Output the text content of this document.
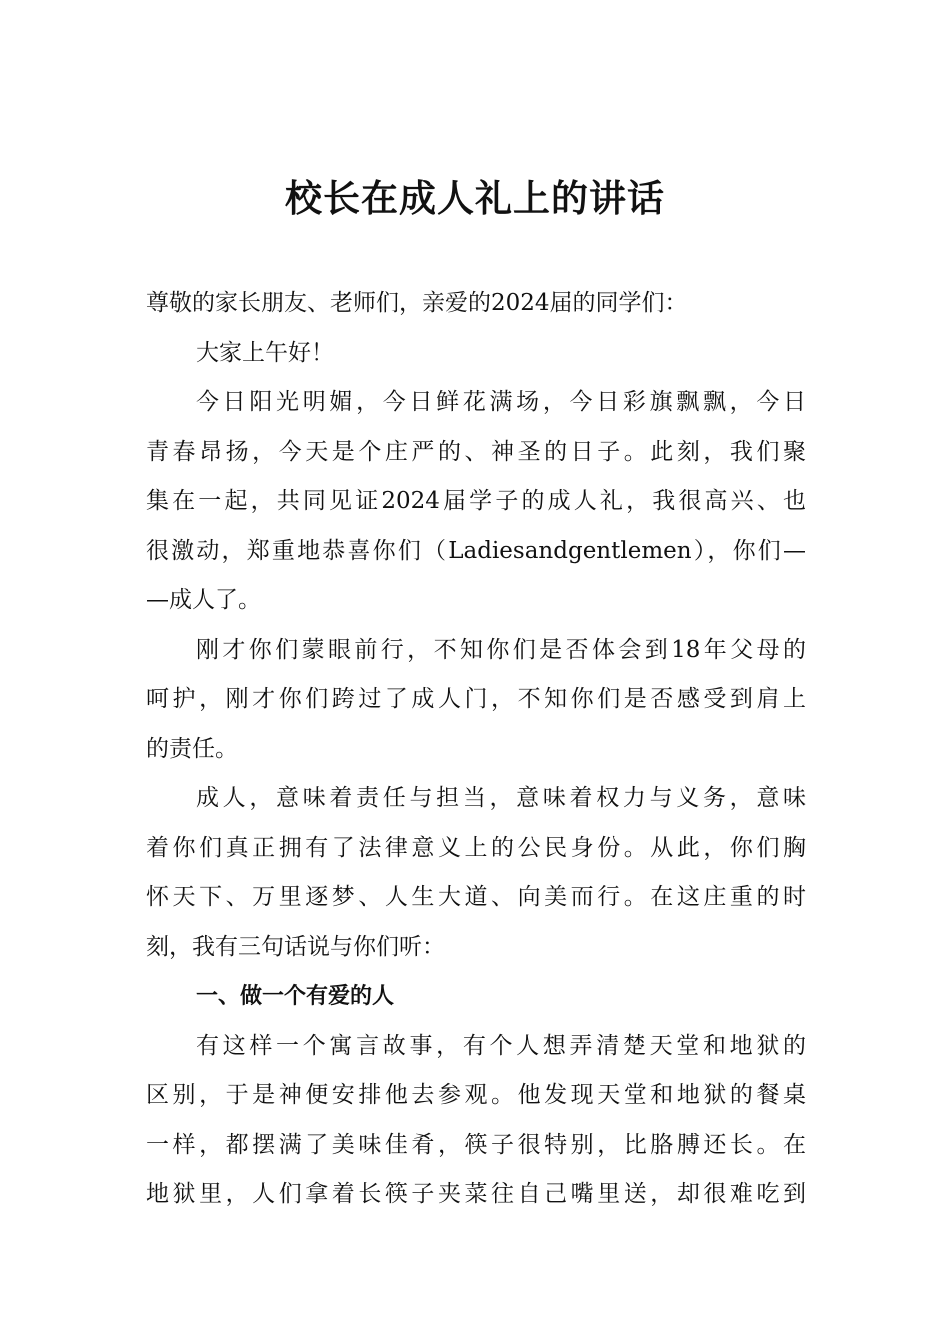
校长在成人礼上的讲话
尊敬的家长朋友、老师们，亲爱的2024届的同学们：
大家上午好！
今日阳光明媚，今日鲜花满场，今日彩旗飘飘，今日
青春昂扬，今天是个庄严的、神圣的日子。此刻，我们聚
集在一起，共同见证2024届学子的成人礼，我很高兴、也
很激动，郑重地恭喜你们（Ladiesandgentlemen），你们—
—成人了。
刚才你们蒙眼前行，不知你们是否体会到18年父母的
呵护，刚才你们跨过了成人门，不知你们是否感受到肩上
的责任。
成人，意味着责任与担当，意味着权力与义务，意味
着你们真正拥有了法律意义上的公民身份。从此，你们胸
怀天下、万里逐梦、人生大道、向美而行。在这庄重的时
刻，我有三句话说与你们听：
一、做一个有爱的人
有这样一个寓言故事，有个人想弄清楚天堂和地狱的
区别，于是神便安排他去参观。他发现天堂和地狱的餐桌
一样，都摆满了美味佳肴，筷子很特别，比胳膊还长。在
地狱里，人们拿着长筷子夹菜往自己嘴里送，却很难吃到
